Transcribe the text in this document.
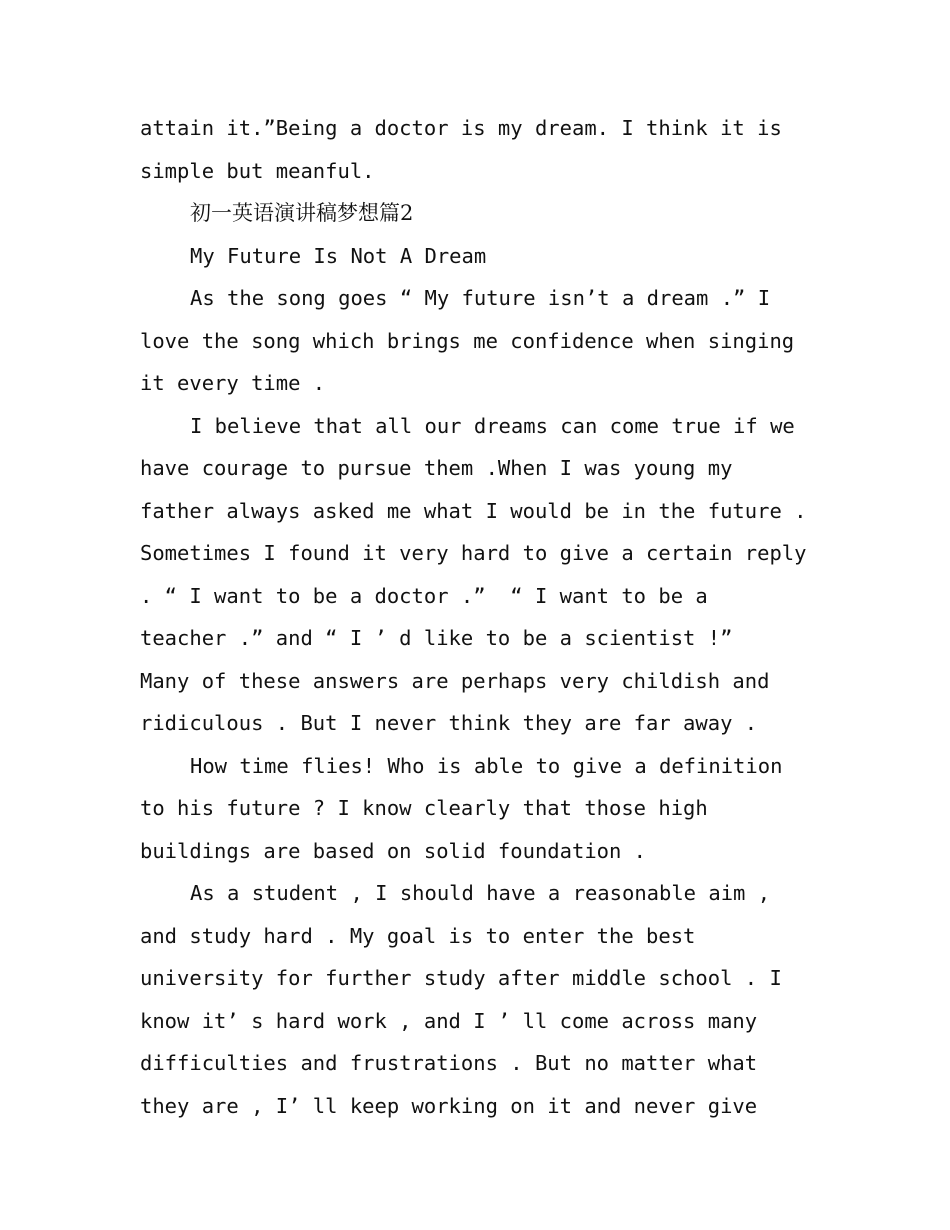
attain it.”Being a doctor is my dream. I think it is
simple but meanful.
初一英语演讲稿梦想篇2
My Future Is Not A Dream
As the song goes “ My future isn’t a dream .” I
love the song which brings me confidence when singing
it every time .
I believe that all our dreams can come true if we
have courage to pursue them .When I was young my
father always asked me what I would be in the future .
Sometimes I found it very hard to give a certain reply
. “ I want to be a doctor .”  “ I want to be a
teacher .” and “ I ’ d like to be a scientist !”
Many of these answers are perhaps very childish and
ridiculous . But I never think they are far away .
How time flies! Who is able to give a definition
to his future ? I know clearly that those high
buildings are based on solid foundation .
As a student , I should have a reasonable aim ,
and study hard . My goal is to enter the best
university for further study after middle school . I
know it’ s hard work , and I ’ ll come across many
difficulties and frustrations . But no matter what
they are , I’ ll keep working on it and never give
